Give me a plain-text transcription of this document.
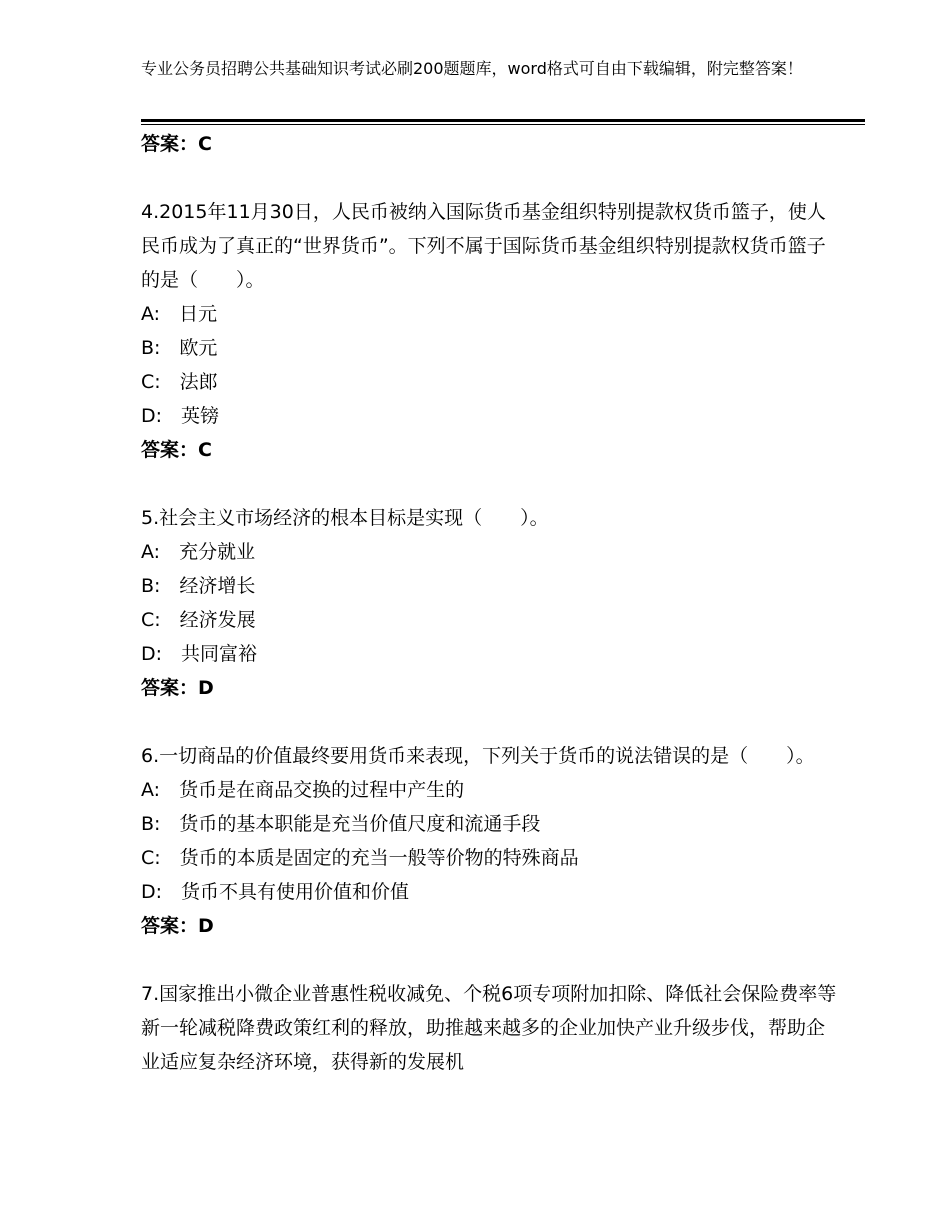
专业公务员招聘公共基础知识考试必刷200题题库，word格式可自由下载编辑，附完整答案！
答案：C
4.2015年11月30日，人民币被纳入国际货币基金组织特别提款权货币篮子，使人民币成为了真正的“世界货币”。下列不属于国际货币基金组织特别提款权货币篮子的是（　　）。
A:　日元
B:　欧元
C:　法郎
D:　英镑
答案：C
5.社会主义市场经济的根本目标是实现（　　）。
A:　充分就业
B:　经济增长
C:　经济发展
D:　共同富裕
答案：D
6.一切商品的价值最终要用货币来表现，下列关于货币的说法错误的是（　　）。
A:　货币是在商品交换的过程中产生的
B:　货币的基本职能是充当价值尺度和流通手段
C:　货币的本质是固定的充当一般等价物的特殊商品
D:　货币不具有使用价值和价值
答案：D
7.国家推出小微企业普惠性税收减免、个税6项专项附加扣除、降低社会保险费率等新一轮减税降费政策红利的释放，助推越来越多的企业加快产业升级步伐，帮助企业适应复杂经济环境，获得新的发展机
